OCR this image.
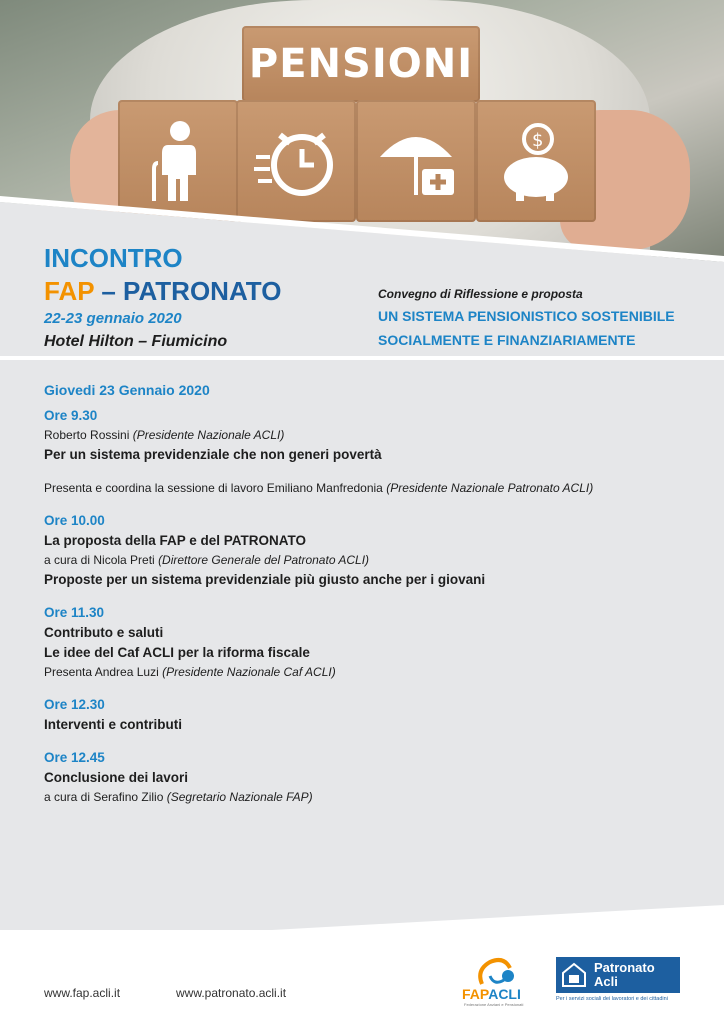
PENSIONI
$
INCONTRO
FAP – PATRONATO
22-23 gennaio 2020
Hotel Hilton – Fiumicino
Convegno di Riflessione e proposta
UN SISTEMA PENSIONISTICO SOSTENIBILE
SOCIALMENTE E FINANZIARIAMENTE
Giovedi 23 Gennaio 2020
Ore 9.30
Roberto Rossini (Presidente Nazionale ACLI)
Per un sistema previdenziale che non generi povertà
Presenta e coordina la sessione di lavoro Emiliano Manfredonia (Presidente Nazionale Patronato ACLI)
Ore 10.00
La proposta della FAP e del PATRONATO
a cura di Nicola Preti (Direttore Generale del Patronato ACLI)
Proposte per un sistema previdenziale più giusto anche per i giovani
Ore 11.30
Contributo e saluti
Le idee del Caf ACLI per la riforma fiscale
Presenta Andrea Luzi (Presidente Nazionale Caf ACLI)
Ore 12.30
Interventi e contributi
Ore 12.45
Conclusione dei lavori
a cura di Serafino Zilio (Segretario Nazionale FAP)
www.fap.acli.it	www.patronato.acli.it	FAPACLI
Federazione Anziani e Pensionati
Patronato
Acli
Per i servizi sociali dei lavoratori e dei cittadini
